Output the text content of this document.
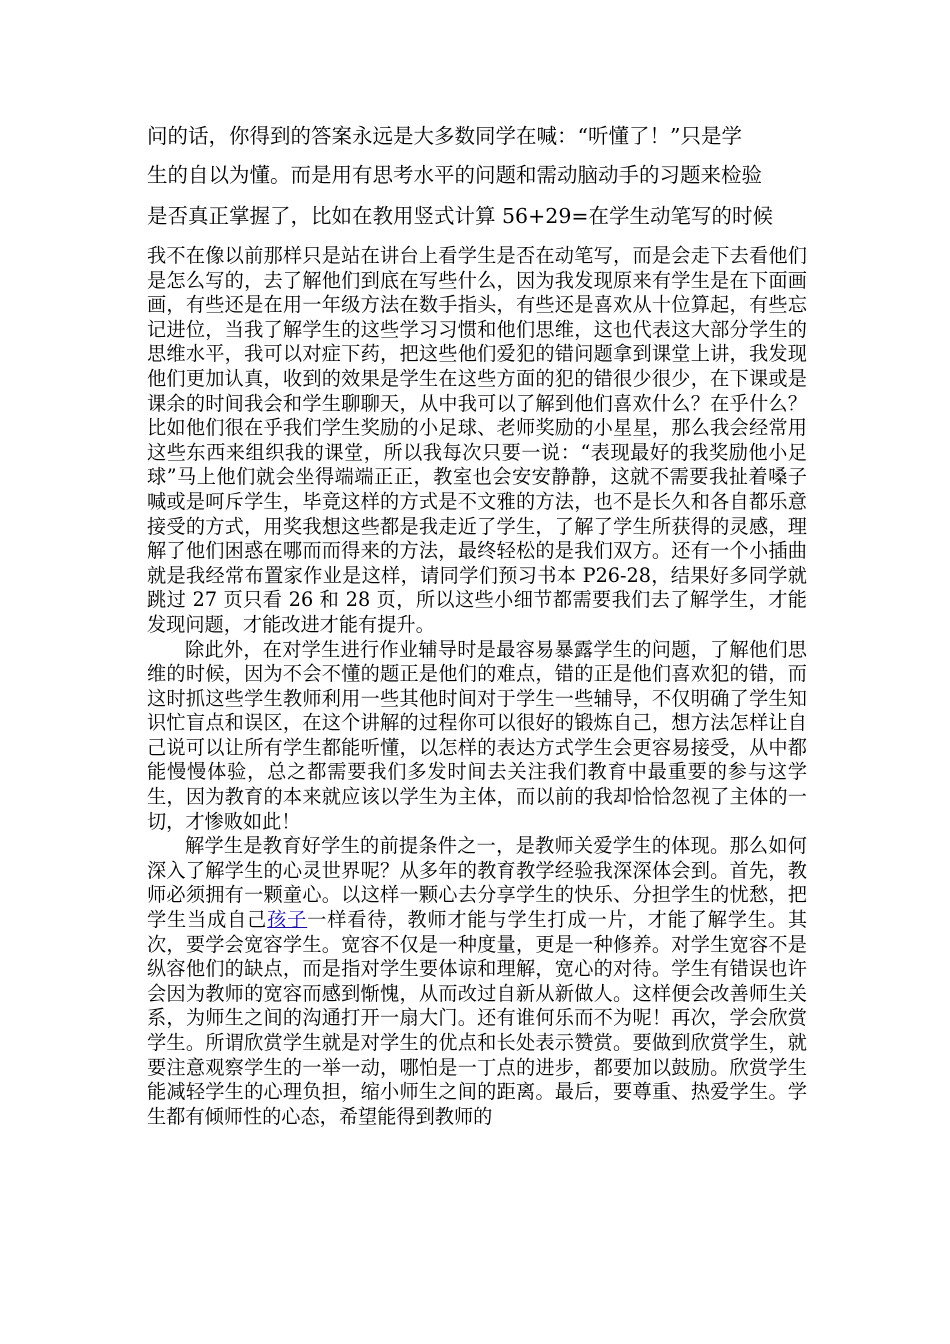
问的话，你得到的答案永远是大多数同学在喊：“听懂了！”只是学
生的自以为懂。而是用有思考水平的问题和需动脑动手的习题来检验
是否真正掌握了，比如在教用竖式计算 56+29=在学生动笔写的时候

我不在像以前那样只是站在讲台上看学生是否在动笔写，而是会走下去看他们是怎么写的，去了解他们到底在写些什么，因为我发现原来有学生是在下面画画，有些还是在用一年级方法在数手指头，有些还是喜欢从十位算起，有些忘记进位，当我了解学生的这些学习习惯和他们思维，这也代表这大部分学生的思维水平，我可以对症下药，把这些他们爱犯的错问题拿到课堂上讲，我发现他们更加认真，收到的效果是学生在这些方面的犯的错很少很少，在下课或是课余的时间我会和学生聊聊天，从中我可以了解到他们喜欢什么？在乎什么？比如他们很在乎我们学生奖励的小足球、老师奖励的小星星，那么我会经常用这些东西来组织我的课堂，所以我每次只要一说：“表现最好的我奖励他小足球”马上他们就会坐得端端正正，教室也会安安静静，这就不需要我扯着嗓子喊或是呵斥学生，毕竟这样的方式是不文雅的方法，也不是长久和各自都乐意接受的方式，用奖我想这些都是我走近了学生，了解了学生所获得的灵感，理解了他们困惑在哪而而得来的方法，最终轻松的是我们双方。还有一个小插曲就是我经常布置家作业是这样，请同学们预习书本 P26-28，结果好多同学就跳过 27 页只看 26 和 28 页，所以这些小细节都需要我们去了解学生，才能发现问题，才能改进才能有提升。

除此外，在对学生进行作业辅导时是最容易暴露学生的问题，了解他们思维的时候，因为不会不懂的题正是他们的难点，错的正是他们喜欢犯的错，而这时抓这些学生教师利用一些其他时间对于学生一些辅导，不仅明确了学生知识忙盲点和误区，在这个讲解的过程你可以很好的锻炼自己，想方法怎样让自己说可以让所有学生都能听懂，以怎样的表达方式学生会更容易接受，从中都能慢慢体验，总之都需要我们多发时间去关注我们教育中最重要的参与这学生，因为教育的本来就应该以学生为主体，而以前的我却恰恰忽视了主体的一切，才惨败如此！

解学生是教育好学生的前提条件之一，是教师关爱学生的体现。那么如何深入了解学生的心灵世界呢？从多年的教育教学经验我深深体会到。首先，教师必须拥有一颗童心。以这样一颗心去分享学生的快乐、分担学生的忧愁，把学生当成自己孩子一样看待，教师才能与学生打成一片，才能了解学生。其次，要学会宽容学生。宽容不仅是一种度量，更是一种修养。对学生宽容不是纵容他们的缺点，而是指对学生要体谅和理解，宽心的对待。学生有错误也许会因为教师的宽容而感到惭愧，从而改过自新从新做人。这样便会改善师生关系，为师生之间的沟通打开一扇大门。还有谁何乐而不为呢！再次，学会欣赏学生。所谓欣赏学生就是对学生的优点和长处表示赞赏。要做到欣赏学生，就要注意观察学生的一举一动，哪怕是一丁点的进步，都要加以鼓励。欣赏学生能减轻学生的心理负担，缩小师生之间的距离。最后，要尊重、热爱学生。学生都有倾师性的心态，希望能得到教师的
